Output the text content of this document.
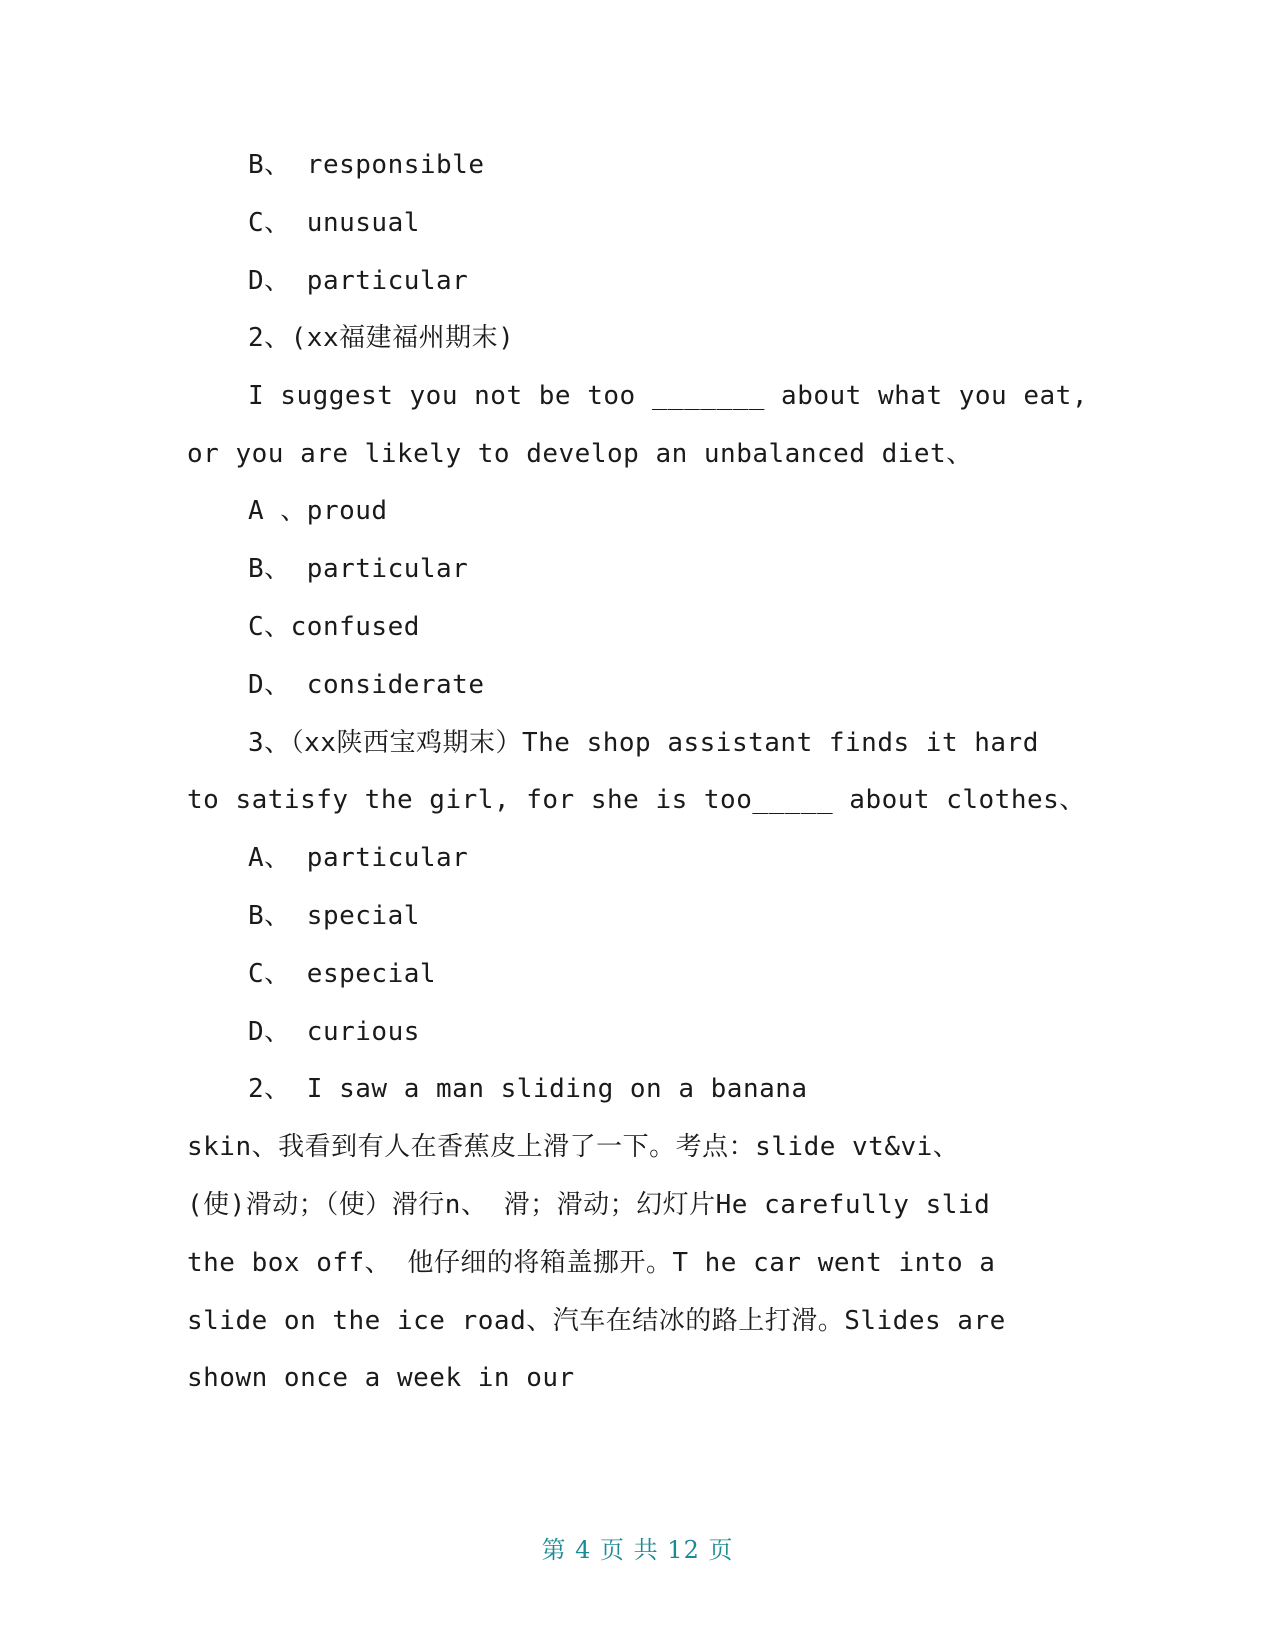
B、 responsible
C、 unusual
D、 particular
2、(xx福建福州期末)
I suggest you not be too _______ about what you eat,
or you are likely to develop an unbalanced diet、
A 、proud
B、 particular
C、confused
D、 considerate
3、（xx陕西宝鸡期末）The shop assistant finds it hard
to satisfy the girl, for she is too_____ about clothes、
A、 particular
B、 special
C、 especial
D、 curious
2、 I saw a man sliding on a banana
skin、我看到有人在香蕉皮上滑了一下。考点：slide vt&vi、
(使)滑动；（使）滑行n、 滑；滑动；幻灯片He carefully slid
the box off、 他仔细的将箱盖挪开。T he car went into a
slide on the ice road、汽车在结冰的路上打滑。Slides are
shown once a week in our
第 4 页 共 12 页
